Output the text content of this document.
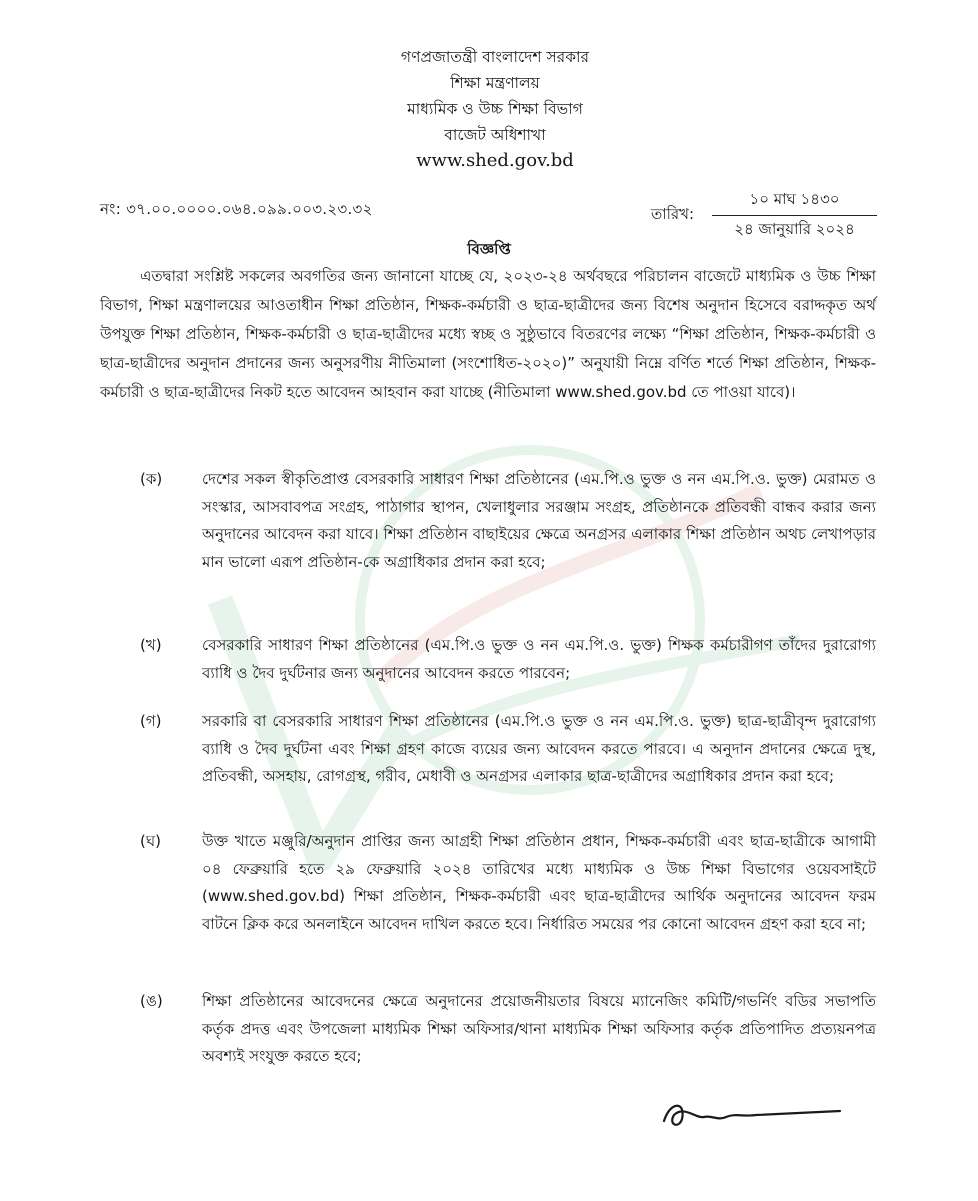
গণপ্রজাতন্ত্রী বাংলাদেশ সরকার
শিক্ষা মন্ত্রণালয়
মাধ্যমিক ও উচ্চ শিক্ষা বিভাগ
বাজেট অধিশাখা
www.shed.gov.bd
নং: ৩৭.০০.০০০০.০৬৪.০৯৯.০০৩.২৩.৩২	তারিখ:
১০ মাঘ ১৪৩০
২৪ জানুয়ারি ২০২৪
বিজ্ঞপ্তি

এতদ্বারা সংশ্লিষ্ট সকলের অবগতির জন্য জানানো যাচ্ছে যে, ২০২৩-২৪ অর্থবছরে পরিচালন বাজেটে মাধ্যমিক ও উচ্চ শিক্ষা বিভাগ, শিক্ষা মন্ত্রণালয়ের আওতাধীন শিক্ষা প্রতিষ্ঠান, শিক্ষক-কর্মচারী ও ছাত্র-ছাত্রীদের জন্য বিশেষ অনুদান হিসেবে বরাদ্দকৃত অর্থ উপযুক্ত শিক্ষা প্রতিষ্ঠান, শিক্ষক-কর্মচারী ও ছাত্র-ছাত্রীদের মধ্যে স্বচ্ছ ও সুষ্ঠুভাবে বিতরণের লক্ষ্যে “শিক্ষা প্রতিষ্ঠান, শিক্ষক-কর্মচারী ও ছাত্র-ছাত্রীদের অনুদান প্রদানের জন্য অনুসরণীয় নীতিমালা (সংশোধিত-২০২০)” অনুযায়ী নিম্নে বর্ণিত শর্তে শিক্ষা প্রতিষ্ঠান, শিক্ষক-কর্মচারী ও ছাত্র-ছাত্রীদের নিকট হতে আবেদন আহবান করা যাচ্ছে (নীতিমালা www.shed.gov.bd তে পাওয়া যাবে)।

(ক)	দেশের সকল স্বীকৃতিপ্রাপ্ত বেসরকারি সাধারণ শিক্ষা প্রতিষ্ঠানের (এম.পি.ও ভুক্ত ও নন এম.পি.ও. ভুক্ত) মেরামত ও সংস্কার, আসবাবপত্র সংগ্রহ, পাঠাগার স্থাপন, খেলাধুলার সরঞ্জাম সংগ্রহ, প্রতিষ্ঠানকে প্রতিবন্ধী বান্ধব করার জন্য অনুদানের আবেদন করা যাবে। শিক্ষা প্রতিষ্ঠান বাছাইয়ের ক্ষেত্রে অনগ্রসর এলাকার শিক্ষা প্রতিষ্ঠান অথচ লেখাপড়ার মান ভালো এরূপ প্রতিষ্ঠান-কে অগ্রাধিকার প্রদান করা হবে;
(খ)	বেসরকারি সাধারণ শিক্ষা প্রতিষ্ঠানের (এম.পি.ও ভুক্ত ও নন এম.পি.ও. ভুক্ত) শিক্ষক কর্মচারীগণ তাঁদের দুরারোগ্য ব্যাধি ও দৈব দুর্ঘটনার জন্য অনুদানের আবেদন করতে পারবেন;
(গ)	সরকারি বা বেসরকারি সাধারণ শিক্ষা প্রতিষ্ঠানের (এম.পি.ও ভুক্ত ও নন এম.পি.ও. ভুক্ত) ছাত্র-ছাত্রীবৃন্দ দুরারোগ্য ব্যাধি ও দৈব দুর্ঘটনা এবং শিক্ষা গ্রহণ কাজে ব্যয়ের জন্য আবেদন করতে পারবে। এ অনুদান প্রদানের ক্ষেত্রে দুস্থ, প্রতিবন্ধী, অসহায়, রোগগ্রস্থ, গরীব, মেধাবী ও অনগ্রসর এলাকার ছাত্র-ছাত্রীদের অগ্রাধিকার প্রদান করা হবে;
(ঘ)	উক্ত খাতে মঞ্জুরি/অনুদান প্রাপ্তির জন্য আগ্রহী শিক্ষা প্রতিষ্ঠান প্রধান, শিক্ষক-কর্মচারী এবং ছাত্র-ছাত্রীকে আগামী ০৪ ফেব্রুয়ারি হতে ২৯ ফেব্রুয়ারি ২০২৪ তারিখের মধ্যে মাধ্যমিক ও উচ্চ শিক্ষা বিভাগের ওয়েবসাইটে (www.shed.gov.bd) শিক্ষা প্রতিষ্ঠান, শিক্ষক-কর্মচারী এবং ছাত্র-ছাত্রীদের আর্থিক অনুদানের আবেদন ফরম বাটনে ক্লিক করে অনলাইনে আবেদন দাখিল করতে হবে। নির্ধারিত সময়ের পর কোনো আবেদন গ্রহণ করা হবে না;
(ঙ)	শিক্ষা প্রতিষ্ঠানের আবেদনের ক্ষেত্রে অনুদানের প্রয়োজনীয়তার বিষয়ে ম্যানেজিং কমিটি/গভর্নিং বডির সভাপতি কর্তৃক প্রদত্ত এবং উপজেলা মাধ্যমিক শিক্ষা অফিসার/থানা মাধ্যমিক শিক্ষা অফিসার কর্তৃক প্রতিপাদিত প্রত্যয়নপত্র অবশ্যই সংযুক্ত করতে হবে;
